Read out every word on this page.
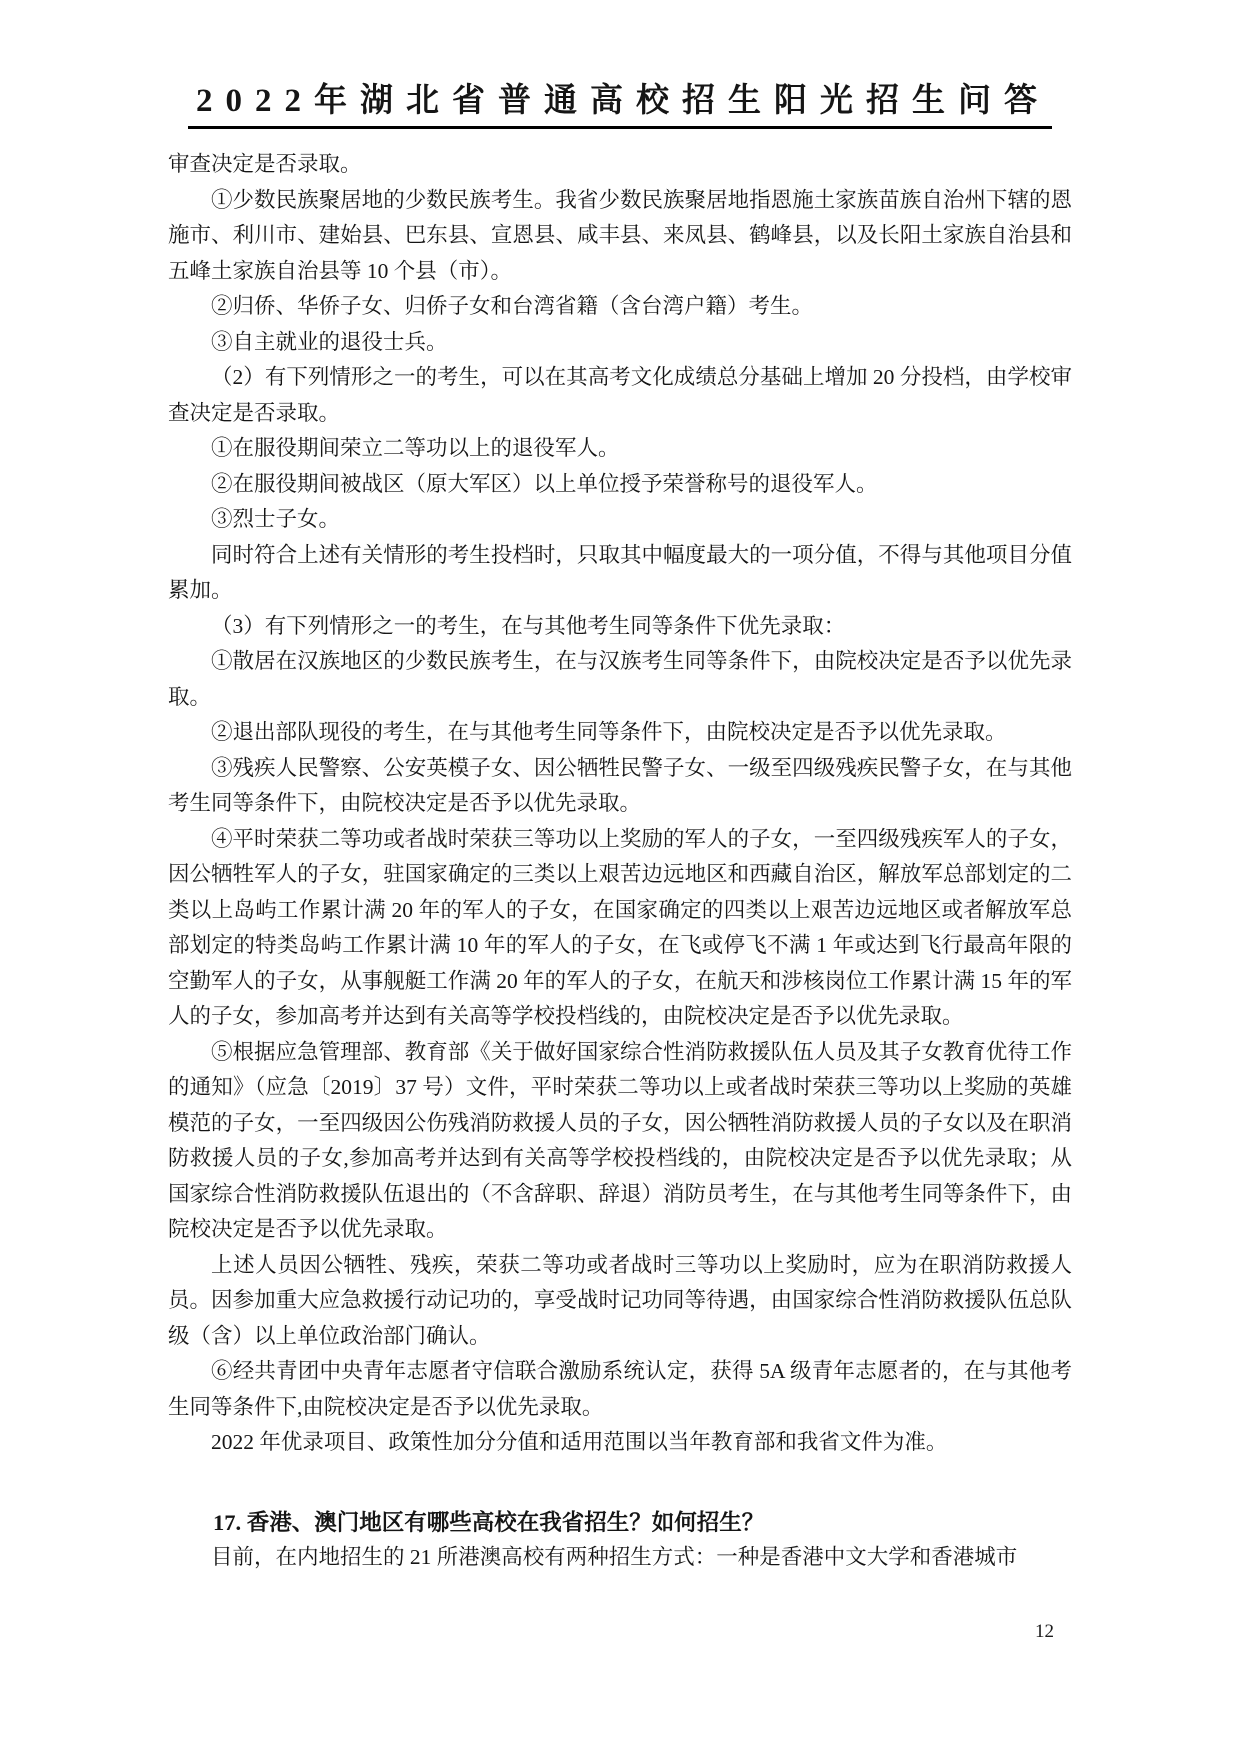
2022年湖北省普通高校招生阳光招生问答

审查决定是否录取。

①少数民族聚居地的少数民族考生。我省少数民族聚居地指恩施土家族苗族自治州下辖的恩施市、利川市、建始县、巴东县、宣恩县、咸丰县、来凤县、鹤峰县，以及长阳土家族自治县和五峰土家族自治县等 10 个县（市）。

②归侨、华侨子女、归侨子女和台湾省籍（含台湾户籍）考生。

③自主就业的退役士兵。

（2）有下列情形之一的考生，可以在其高考文化成绩总分基础上增加 20 分投档，由学校审查决定是否录取。

①在服役期间荣立二等功以上的退役军人。

②在服役期间被战区（原大军区）以上单位授予荣誉称号的退役军人。

③烈士子女。

同时符合上述有关情形的考生投档时，只取其中幅度最大的一项分值，不得与其他项目分值累加。

（3）有下列情形之一的考生，在与其他考生同等条件下优先录取：

①散居在汉族地区的少数民族考生，在与汉族考生同等条件下，由院校决定是否予以优先录取。

②退出部队现役的考生，在与其他考生同等条件下，由院校决定是否予以优先录取。

③残疾人民警察、公安英模子女、因公牺牲民警子女、一级至四级残疾民警子女，在与其他考生同等条件下，由院校决定是否予以优先录取。

④平时荣获二等功或者战时荣获三等功以上奖励的军人的子女，一至四级残疾军人的子女，因公牺牲军人的子女，驻国家确定的三类以上艰苦边远地区和西藏自治区，解放军总部划定的二类以上岛屿工作累计满 20 年的军人的子女，在国家确定的四类以上艰苦边远地区或者解放军总部划定的特类岛屿工作累计满 10 年的军人的子女，在飞或停飞不满 1 年或达到飞行最高年限的空勤军人的子女，从事舰艇工作满 20 年的军人的子女，在航天和涉核岗位工作累计满 15 年的军人的子女，参加高考并达到有关高等学校投档线的，由院校决定是否予以优先录取。

⑤根据应急管理部、教育部《关于做好国家综合性消防救援队伍人员及其子女教育优待工作的通知》（应急〔2019〕37 号）文件，平时荣获二等功以上或者战时荣获三等功以上奖励的英雄模范的子女，一至四级因公伤残消防救援人员的子女，因公牺牲消防救援人员的子女以及在职消防救援人员的子女,参加高考并达到有关高等学校投档线的，由院校决定是否予以优先录取；从国家综合性消防救援队伍退出的（不含辞职、辞退）消防员考生，在与其他考生同等条件下，由院校决定是否予以优先录取。

上述人员因公牺牲、残疾，荣获二等功或者战时三等功以上奖励时，应为在职消防救援人员。因参加重大应急救援行动记功的，享受战时记功同等待遇，由国家综合性消防救援队伍总队级（含）以上单位政治部门确认。

⑥经共青团中央青年志愿者守信联合激励系统认定，获得 5A 级青年志愿者的，在与其他考生同等条件下,由院校决定是否予以优先录取。

2022 年优录项目、政策性加分分值和适用范围以当年教育部和我省文件为准。

17. 香港、澳门地区有哪些高校在我省招生？如何招生？

目前，在内地招生的 21 所港澳高校有两种招生方式：一种是香港中文大学和香港城市

12
